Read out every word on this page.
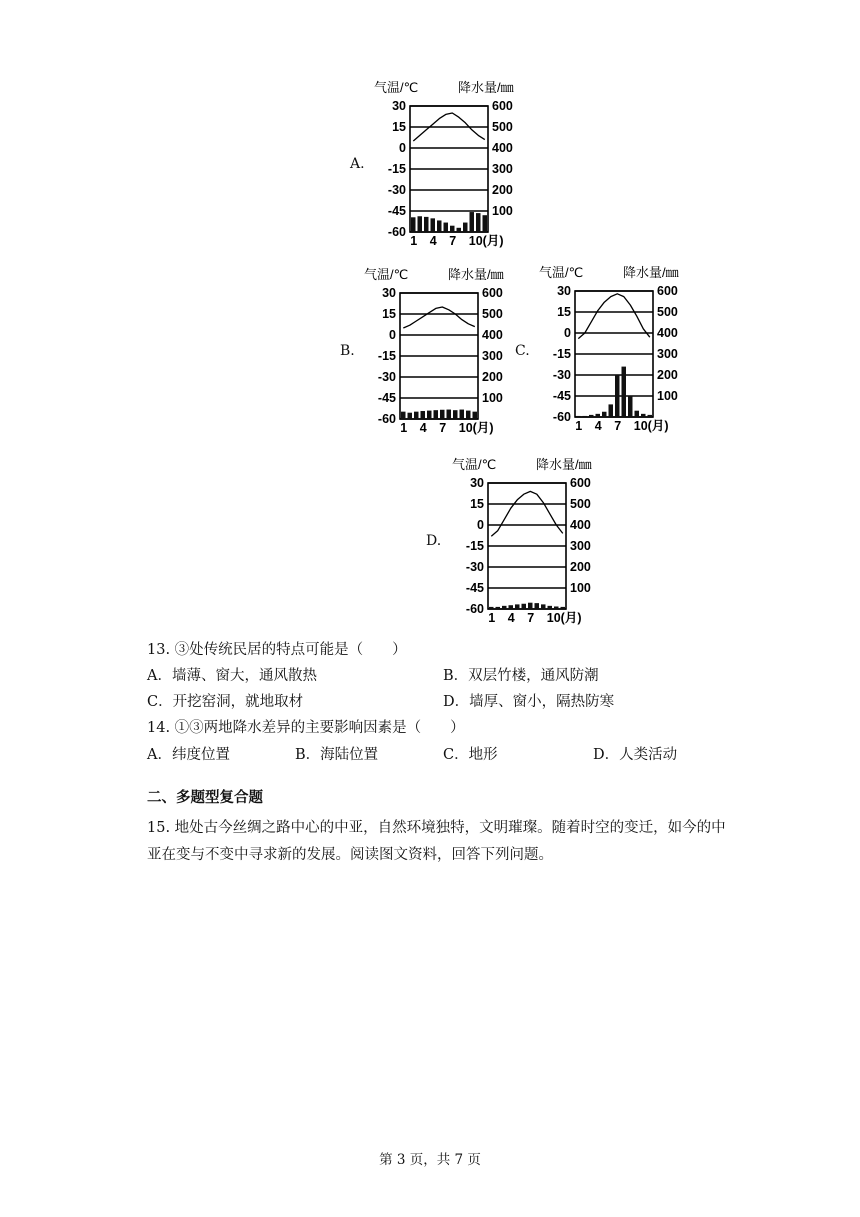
A.
气温/℃	降水量/㎜
30
15
0
-15
-30
-45
-60
600
500
400
300
200
100
1 4 7 10(月)
B.
气温/℃	降水量/㎜
30
15
0
-15
-30
-45
-60
600
500
400
300
200
100
1 4 7 10(月)
C.
气温/℃	降水量/㎜
30
15
0
-15
-30
-45
-60
600
500
400
300
200
100
1 4 7 10(月)
D.
气温/℃	降水量/㎜
30
15
0
-15
-30
-45
-60
600
500
400
300
200
100
1 4 7 10(月)
13. ③处传统民居的特点可能是（　　）
A．墙薄、窗大，通风散热	B．双层竹楼，通风防潮
C．开挖窑洞，就地取材	D．墙厚、窗小，隔热防寒
14. ①③两地降水差异的主要影响因素是（　　）
A．纬度位置	B．海陆位置	C．地形	D．人类活动
二、多题型复合题
15. 地处古今丝绸之路中心的中亚，自然环境独特，文明璀璨。随着时空的变迁，如今的中亚在变与不变中寻求新的发展。阅读图文资料，回答下列问题。
第 3 页，共 7 页
